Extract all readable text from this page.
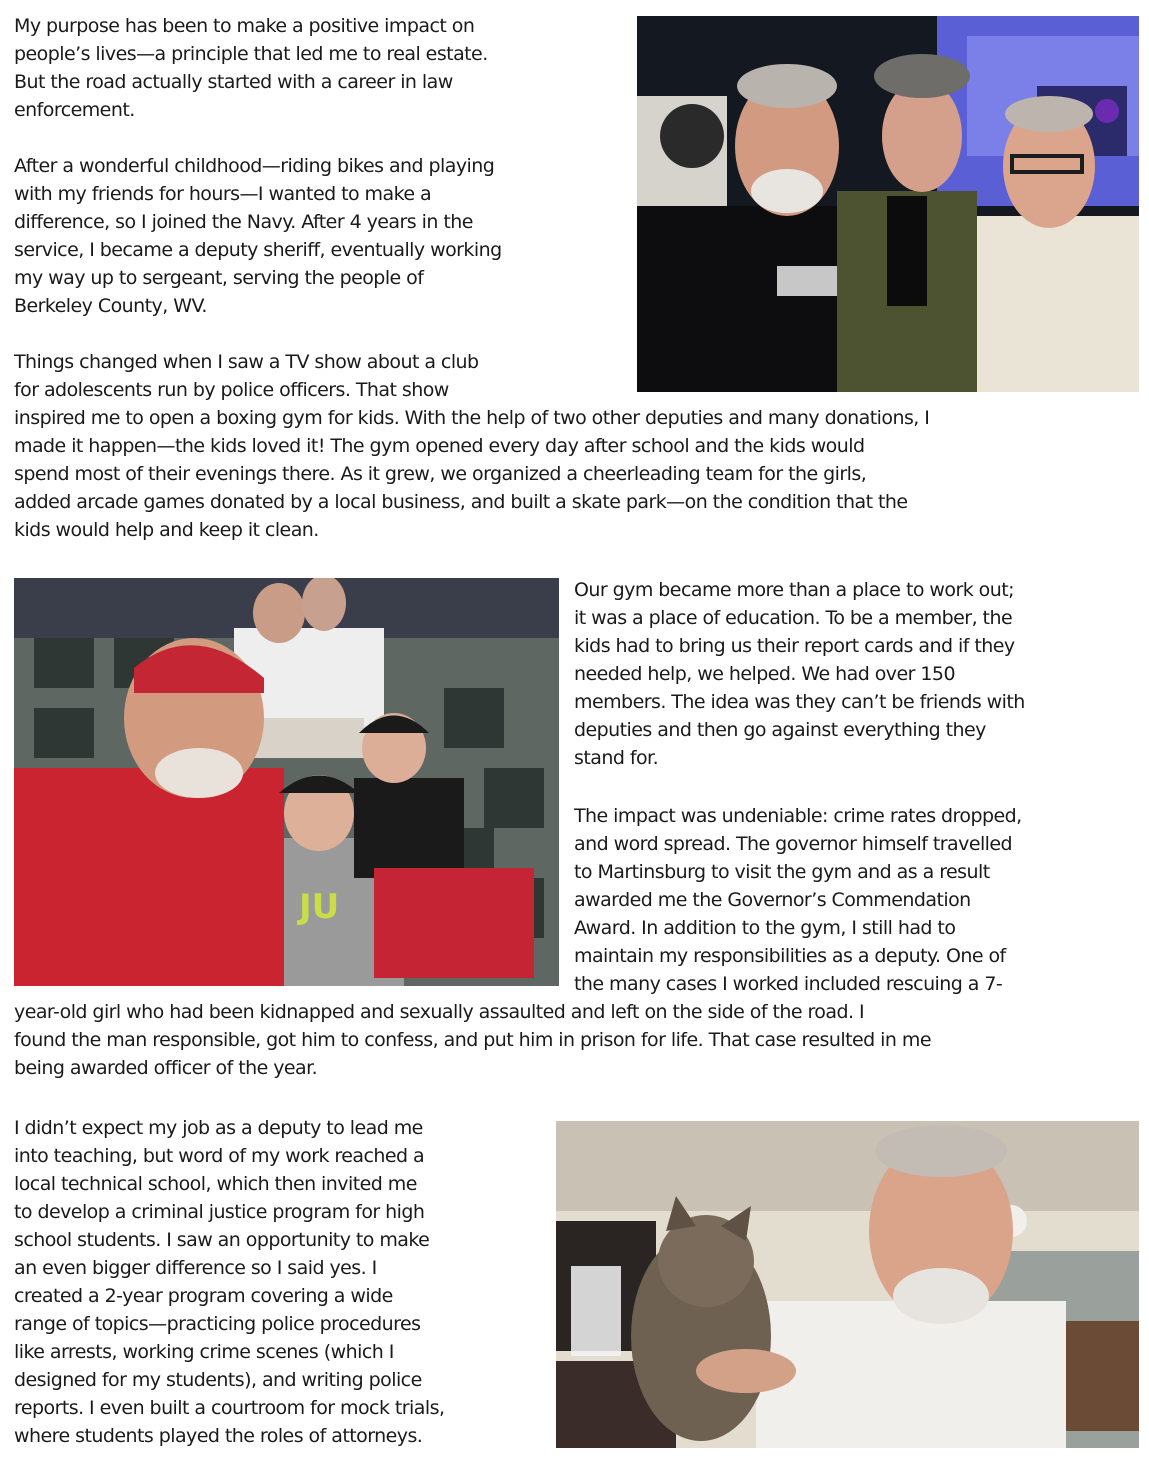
My purpose has been to make a positive impact on
people’s lives—a principle that led me to real estate.
But the road actually started with a career in law
enforcement.
After a wonderful childhood—riding bikes and playing
with my friends for hours—I wanted to make a
difference, so I joined the Navy. After 4 years in the
service, I became a deputy sheriff, eventually working
my way up to sergeant, serving the people of
Berkeley County, WV.
Things changed when I saw a TV show about a club
for adolescents run by police officers. That show
inspired me to open a boxing gym for kids. With the help of two other deputies and many donations, I
made it happen—the kids loved it! The gym opened every day after school and the kids would
spend most of their evenings there. As it grew, we organized a cheerleading team for the girls,
added arcade games donated by a local business, and built a skate park—on the condition that the
kids would help and keep it clean.
Our gym became more than a place to work out;
it was a place of education. To be a member, the
kids had to bring us their report cards and if they
needed help, we helped. We had over 150
members. The idea was they can’t be friends with
deputies and then go against everything they
stand for.
The impact was undeniable: crime rates dropped,
and word spread. The governor himself travelled
to Martinsburg to visit the gym and as a result
awarded me the Governor’s Commendation
Award. In addition to the gym, I still had to
maintain my responsibilities as a deputy. One of
the many cases I worked included rescuing a 7-
year-old girl who had been kidnapped and sexually assaulted and left on the side of the road. I
found the man responsible, got him to confess, and put him in prison for life. That case resulted in me
being awarded officer of the year.
I didn’t expect my job as a deputy to lead me
into teaching, but word of my work reached a
local technical school, which then invited me
to develop a criminal justice program for high
school students. I saw an opportunity to make
an even bigger difference so I said yes. I
created a 2-year program covering a wide
range of topics—practicing police procedures
like arrests, working crime scenes (which I
designed for my students), and writing police
reports. I even built a courtroom for mock trials,
where students played the roles of attorneys.
JU
